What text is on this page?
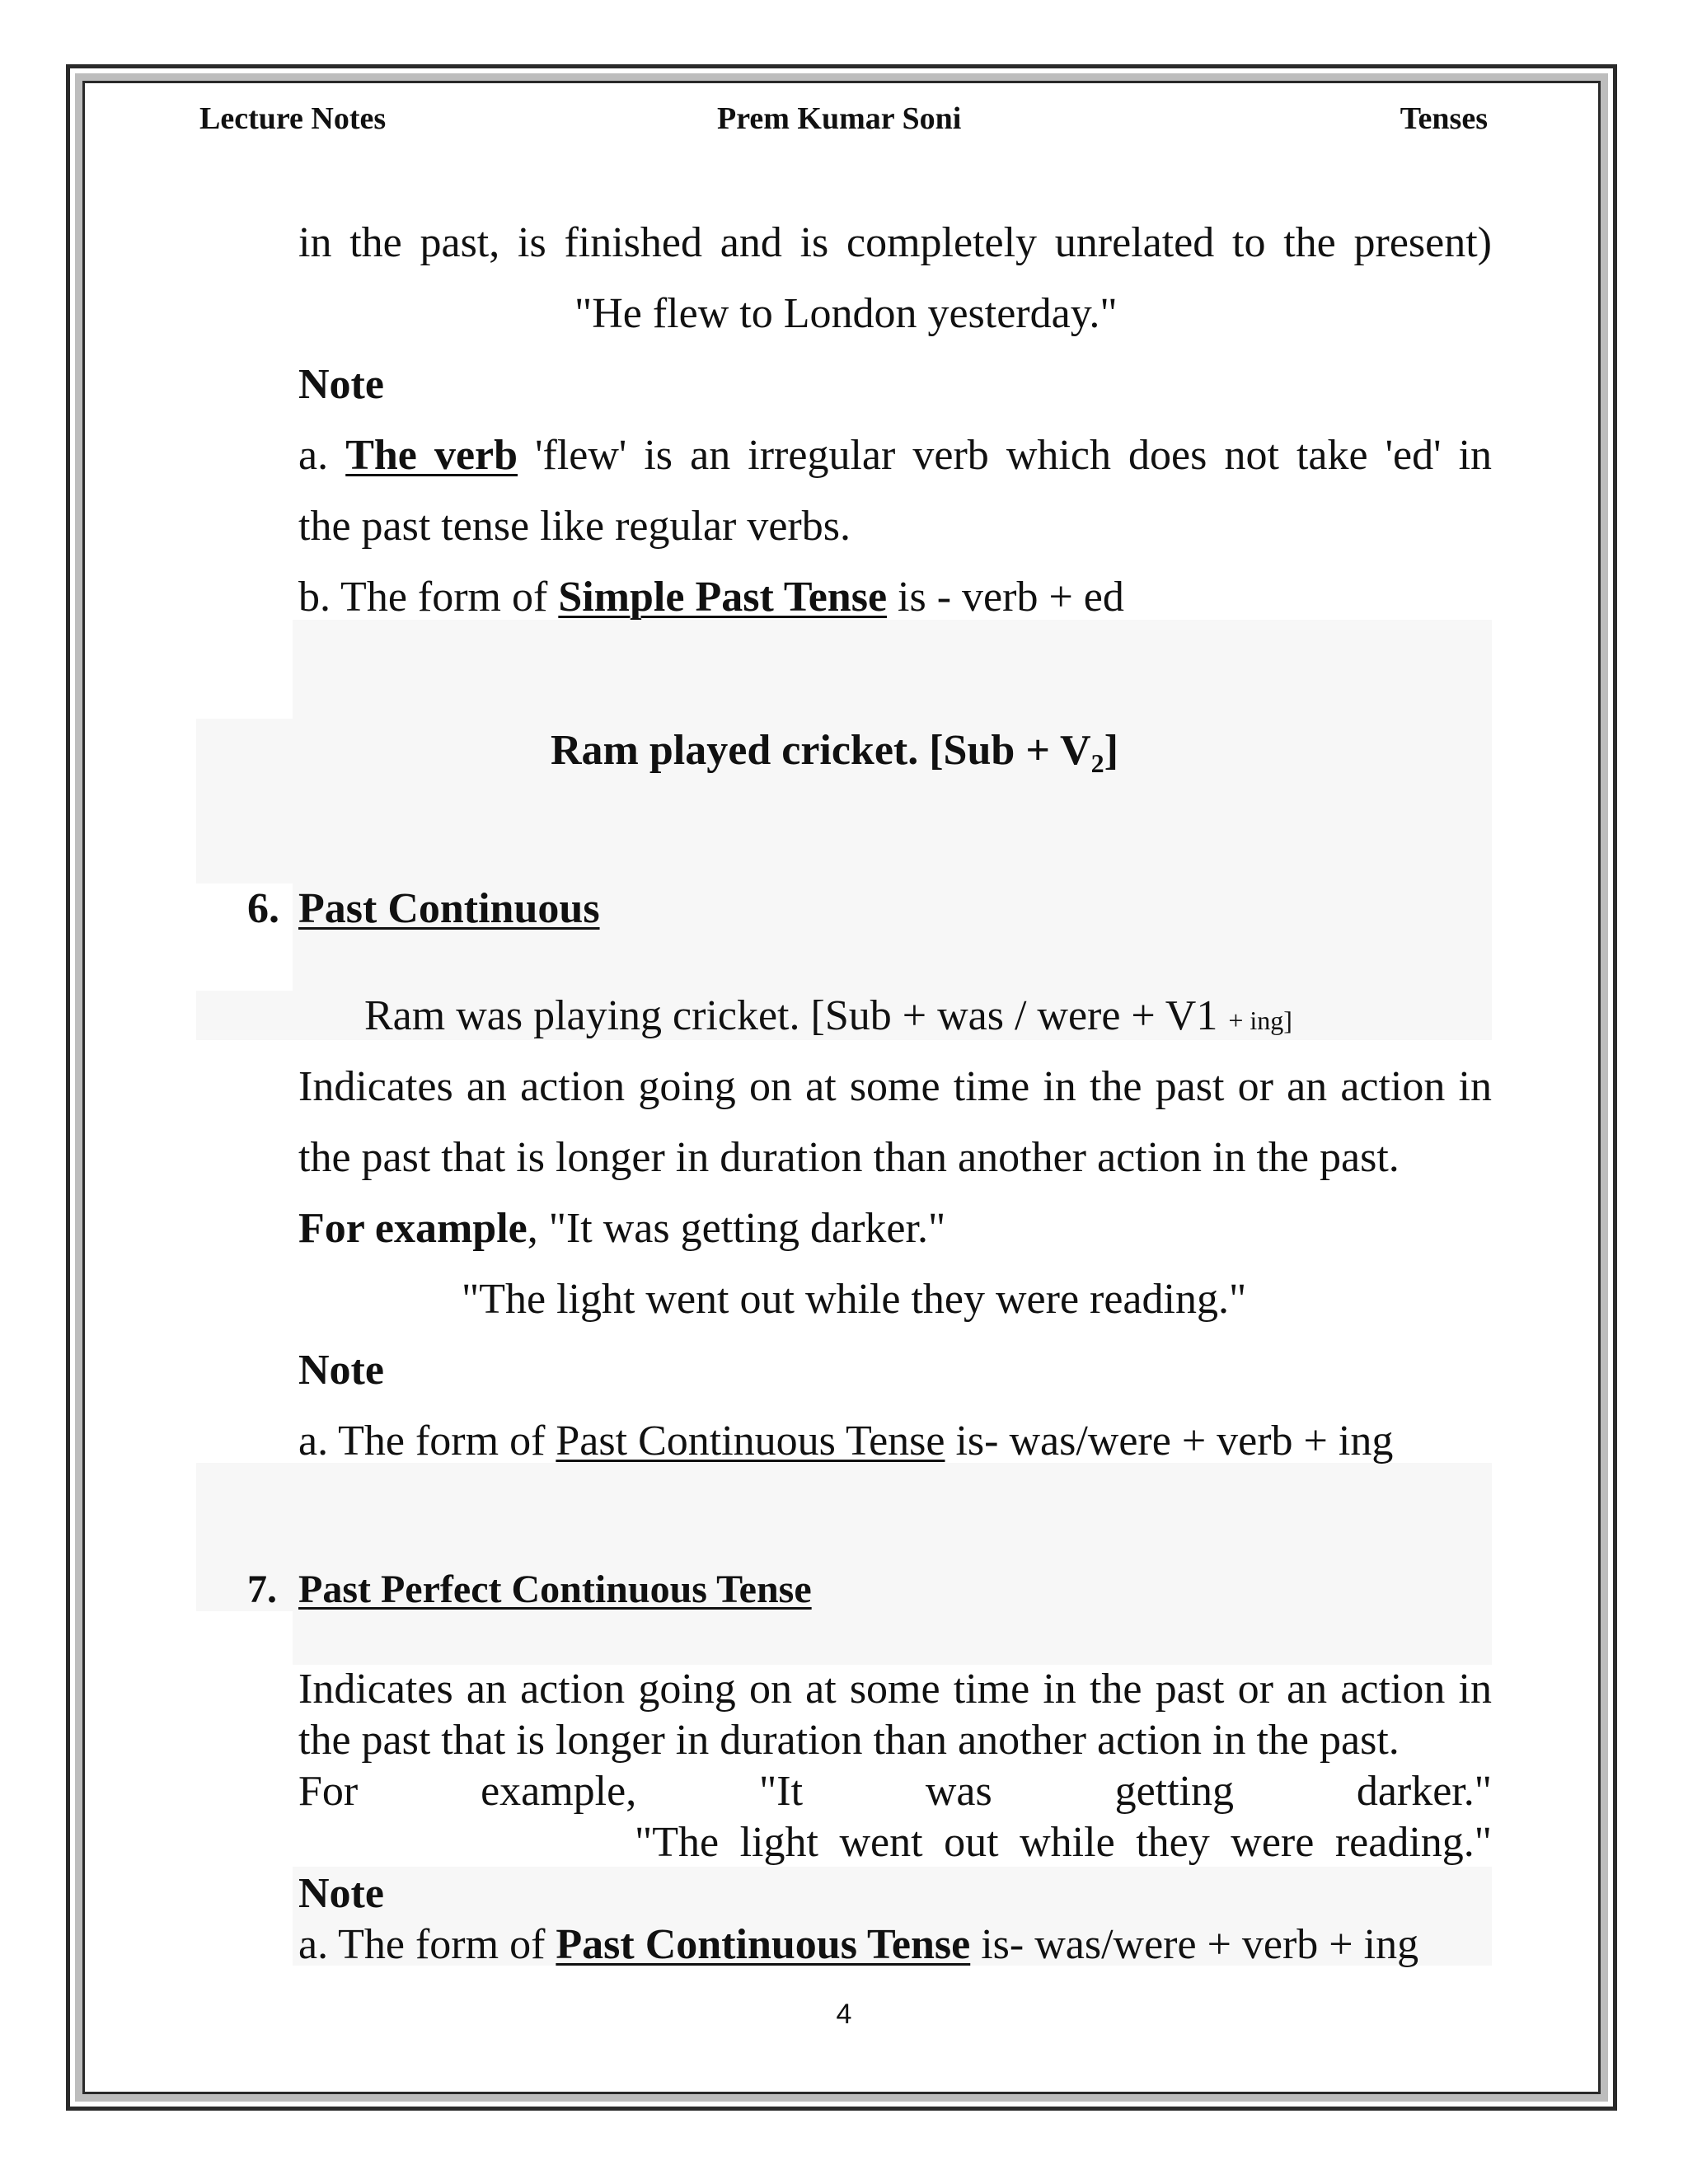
Lecture Notes	Prem Kumar Soni	Tenses
in the past, is finished and is completely unrelated to the present)
"He flew to London yesterday."
Note
a. The verb 'flew' is an irregular verb which does not take 'ed' in
the past tense like regular verbs.
b. The form of Simple Past Tense is - verb + ed
Ram played cricket. [Sub + V2]
6. Past Continuous
Ram was playing cricket. [Sub + was / were + V1 + ing]
Indicates an action going on at some time in the past or an action in
the past that is longer in duration than another action in the past.
For example, "It was getting darker."
"The light went out while they were reading."
Note
a. The form of Past Continuous Tense is- was/were + verb + ing
7. Past Perfect Continuous Tense
Indicates an action going on at some time in the past or an action in
the past that is longer in duration than another action in the past.
For	example,	"It	was	getting	darker."
"The light went out while they were reading."
Note
a. The form of Past Continuous Tense is- was/were + verb + ing
4
